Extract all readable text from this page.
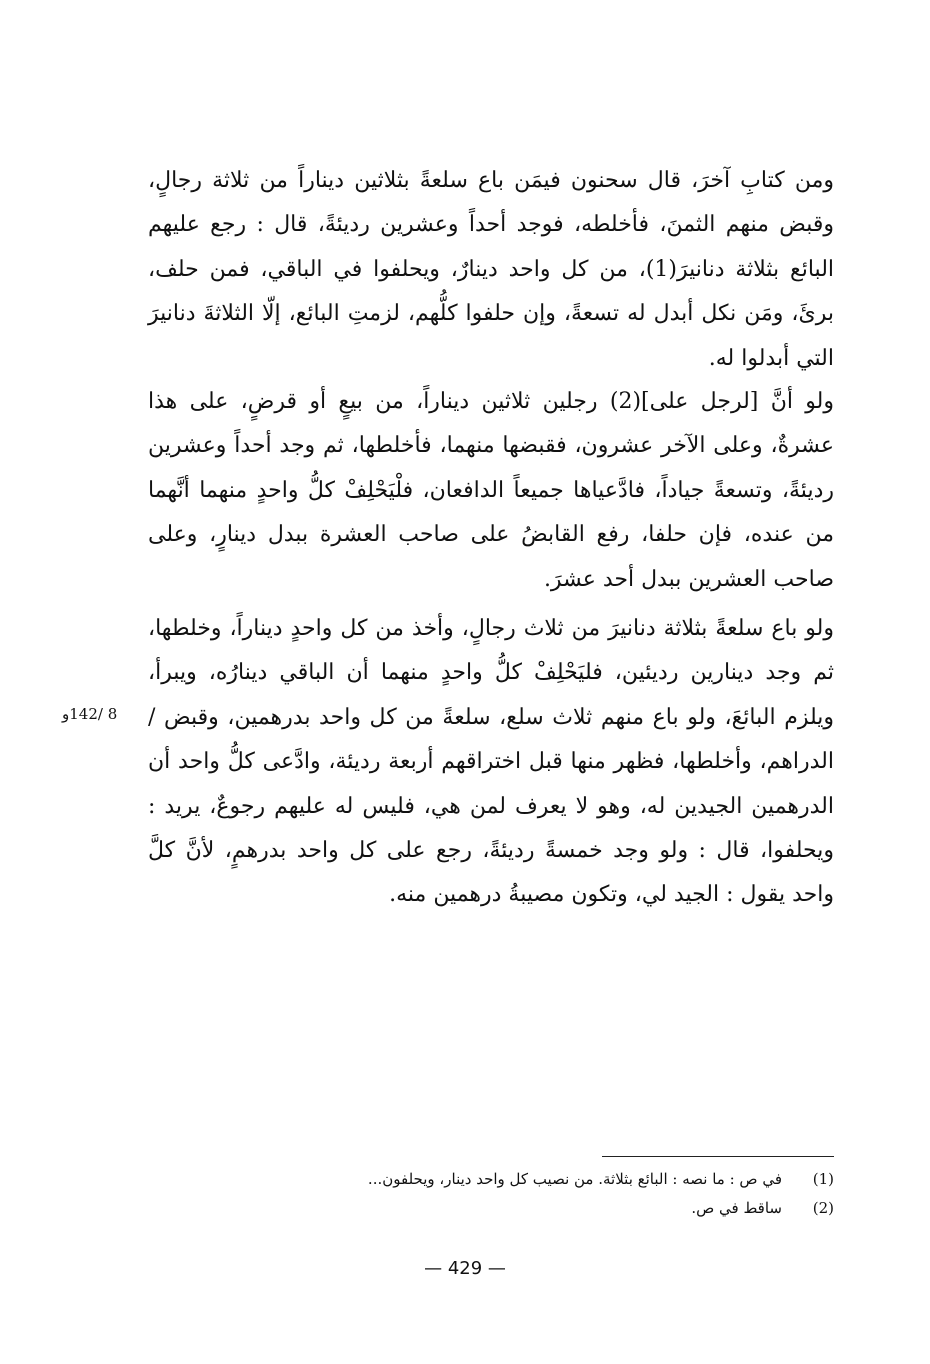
ومن كتابِ آخرَ، قال سحنون فيمَن باع سلعةً بثلاثين ديناراً من ثلاثة رجالٍ، وقبض منهم الثمنَ، فأخلطه، فوجد أحداً وعشرين رديئةً، قال : رجع عليهم البائع بثلاثة دنانيرَ(1)، من كل واحد دينارٌ، ويحلفوا في الباقي، فمن حلف، برئَ، ومَن نكل أبدل له تسعةً، وإن حلفوا كلُّهم، لزمتِ البائع، إلّا الثلاثةَ دنانيرَ التي أبدلوا له.

ولو أنَّ [لرجل على](2) رجلين ثلاثين ديناراً، من بيعٍ أو قرضٍ، على هذا عشرةٌ، وعلى الآخر عشرون، فقبضها منهما، فأخلطها، ثم وجد أحداً وعشرين رديئةً، وتسعةً جياداً، فادَّعياها جميعاً الدافعان، فلْيَحْلِفْ كلُّ واحدٍ منهما أنَّهما من عنده، فإن حلفا، رفع القابضُ على صاحب العشرة ببدل دينارٍ، وعلى صاحب العشرين ببدل أحد عشرَ.

ولو باع سلعةً بثلاثة دنانيرَ من ثلاث رجالٍ، وأخذ من كل واحدٍ ديناراً، وخلطها، ثم وجد دينارين رديئين، فليَحْلِفْ كلُّ واحدٍ منهما أن الباقي دينارُه، ويبرأ، ويلزم البائعَ، ولو باع منهم ثلاث سلع، سلعةً من كل واحد بدرهمين، وقبض / الدراهم، وأخلطها، فظهر منها قبل اختراقهم أربعة رديئة، وادَّعى كلُّ واحد أن الدرهمين الجيدين له، وهو لا يعرف لمن هي، فليس له عليهم رجوعٌ، يريد : ويحلفوا، قال : ولو وجد خمسةً رديئةً، رجع على كل واحد بدرهمٍ، لأنَّ كلَّ واحد يقول : الجيد لي، وتكون مصيبةُ درهمين منه.

8 /142و
(1)في ص : ما نصه : البائع بثلاثة. من نصيب كل واحد دينار، ويحلفون...
(2)ساقط في ص.
— 429 —
